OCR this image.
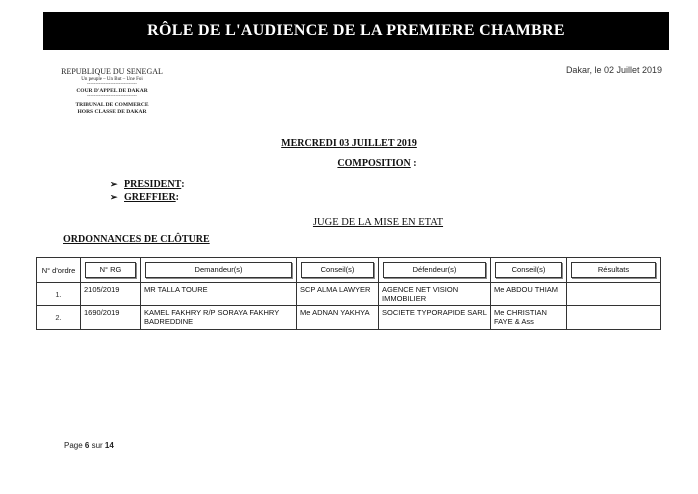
RÔLE DE L'AUDIENCE DE LA PREMIERE CHAMBRE
REPUBLIQUE DU SENEGAL
Un peuple – Un But – Une Foi
------------------------------
COUR D'APPEL DE DAKAR
------------------------------
TRIBUNAL DE COMMERCE
HORS CLASSE DE DAKAR
Dakar, le 02 Juillet 2019
MERCREDI 03 JUILLET 2019
COMPOSITION :
➢ PRESIDENT :
➢ GREFFIER :
JUGE DE LA MISE EN ETAT
ORDONNANCES DE CLÔTURE
N° d'ordre	N° RG	Demandeur(s)	Conseil(s)	Défendeur(s)	Conseil(s)	Résultats

1.	2105/2019	MR TALLA TOURE	SCP ALMA LAWYER	AGENCE NET VISION IMMOBILIER	Me ABDOU THIAM	
2.	1690/2019	KAMEL FAKHRY R/P SORAYA FAKHRY BADREDDINE	Me ADNAN YAKHYA	SOCIETE TYPORAPIDE SARL	Me CHRISTIAN FAYE & Ass	
Page 6 sur 14
